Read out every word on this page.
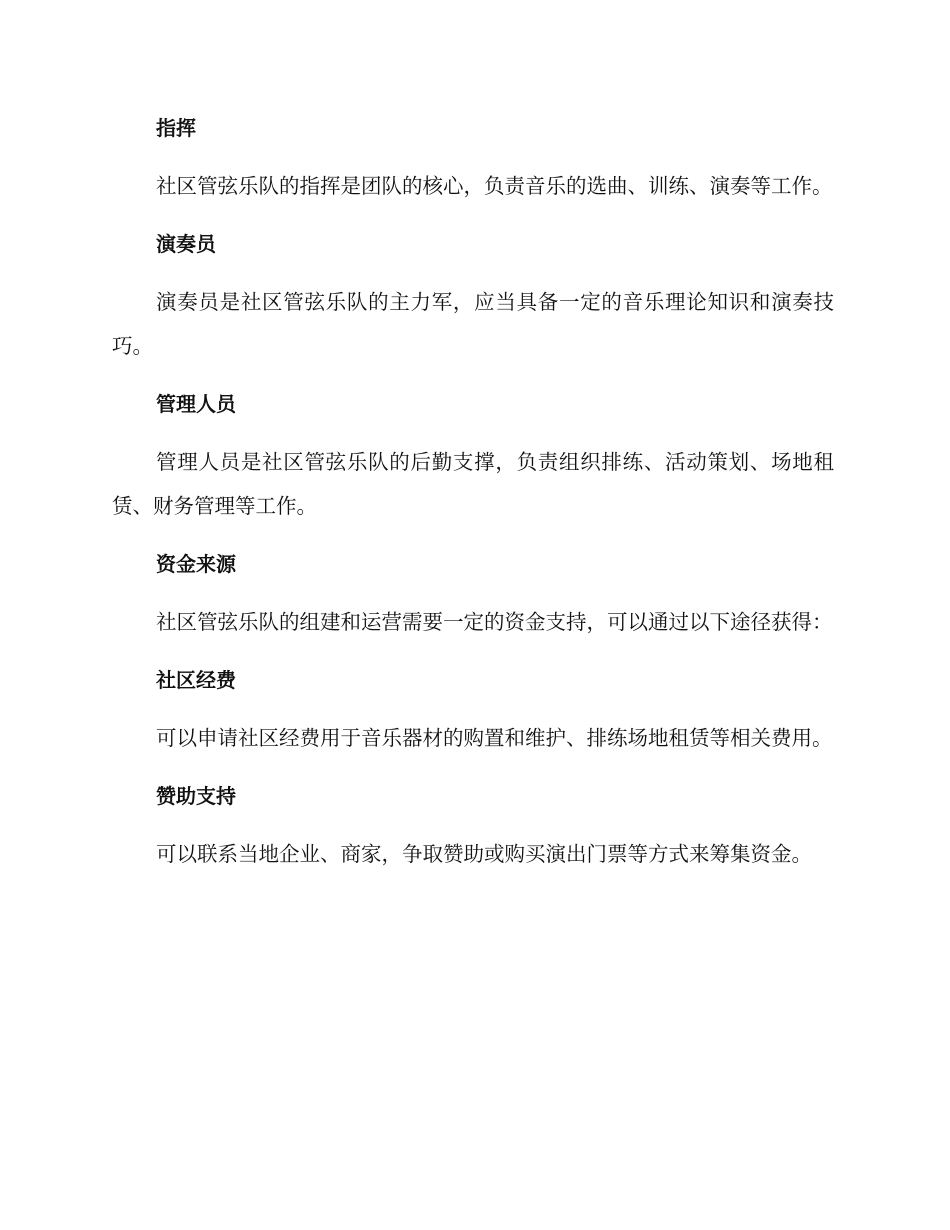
指挥

社区管弦乐队的指挥是团队的核心，负责音乐的选曲、训练、演奏等工作。

演奏员

演奏员是社区管弦乐队的主力军，应当具备一定的音乐理论知识和演奏技巧。

管理人员

管理人员是社区管弦乐队的后勤支撑，负责组织排练、活动策划、场地租赁、财务管理等工作。

资金来源

社区管弦乐队的组建和运营需要一定的资金支持，可以通过以下途径获得：

社区经费

可以申请社区经费用于音乐器材的购置和维护、排练场地租赁等相关费用。

赞助支持

可以联系当地企业、商家，争取赞助或购买演出门票等方式来筹集资金。
